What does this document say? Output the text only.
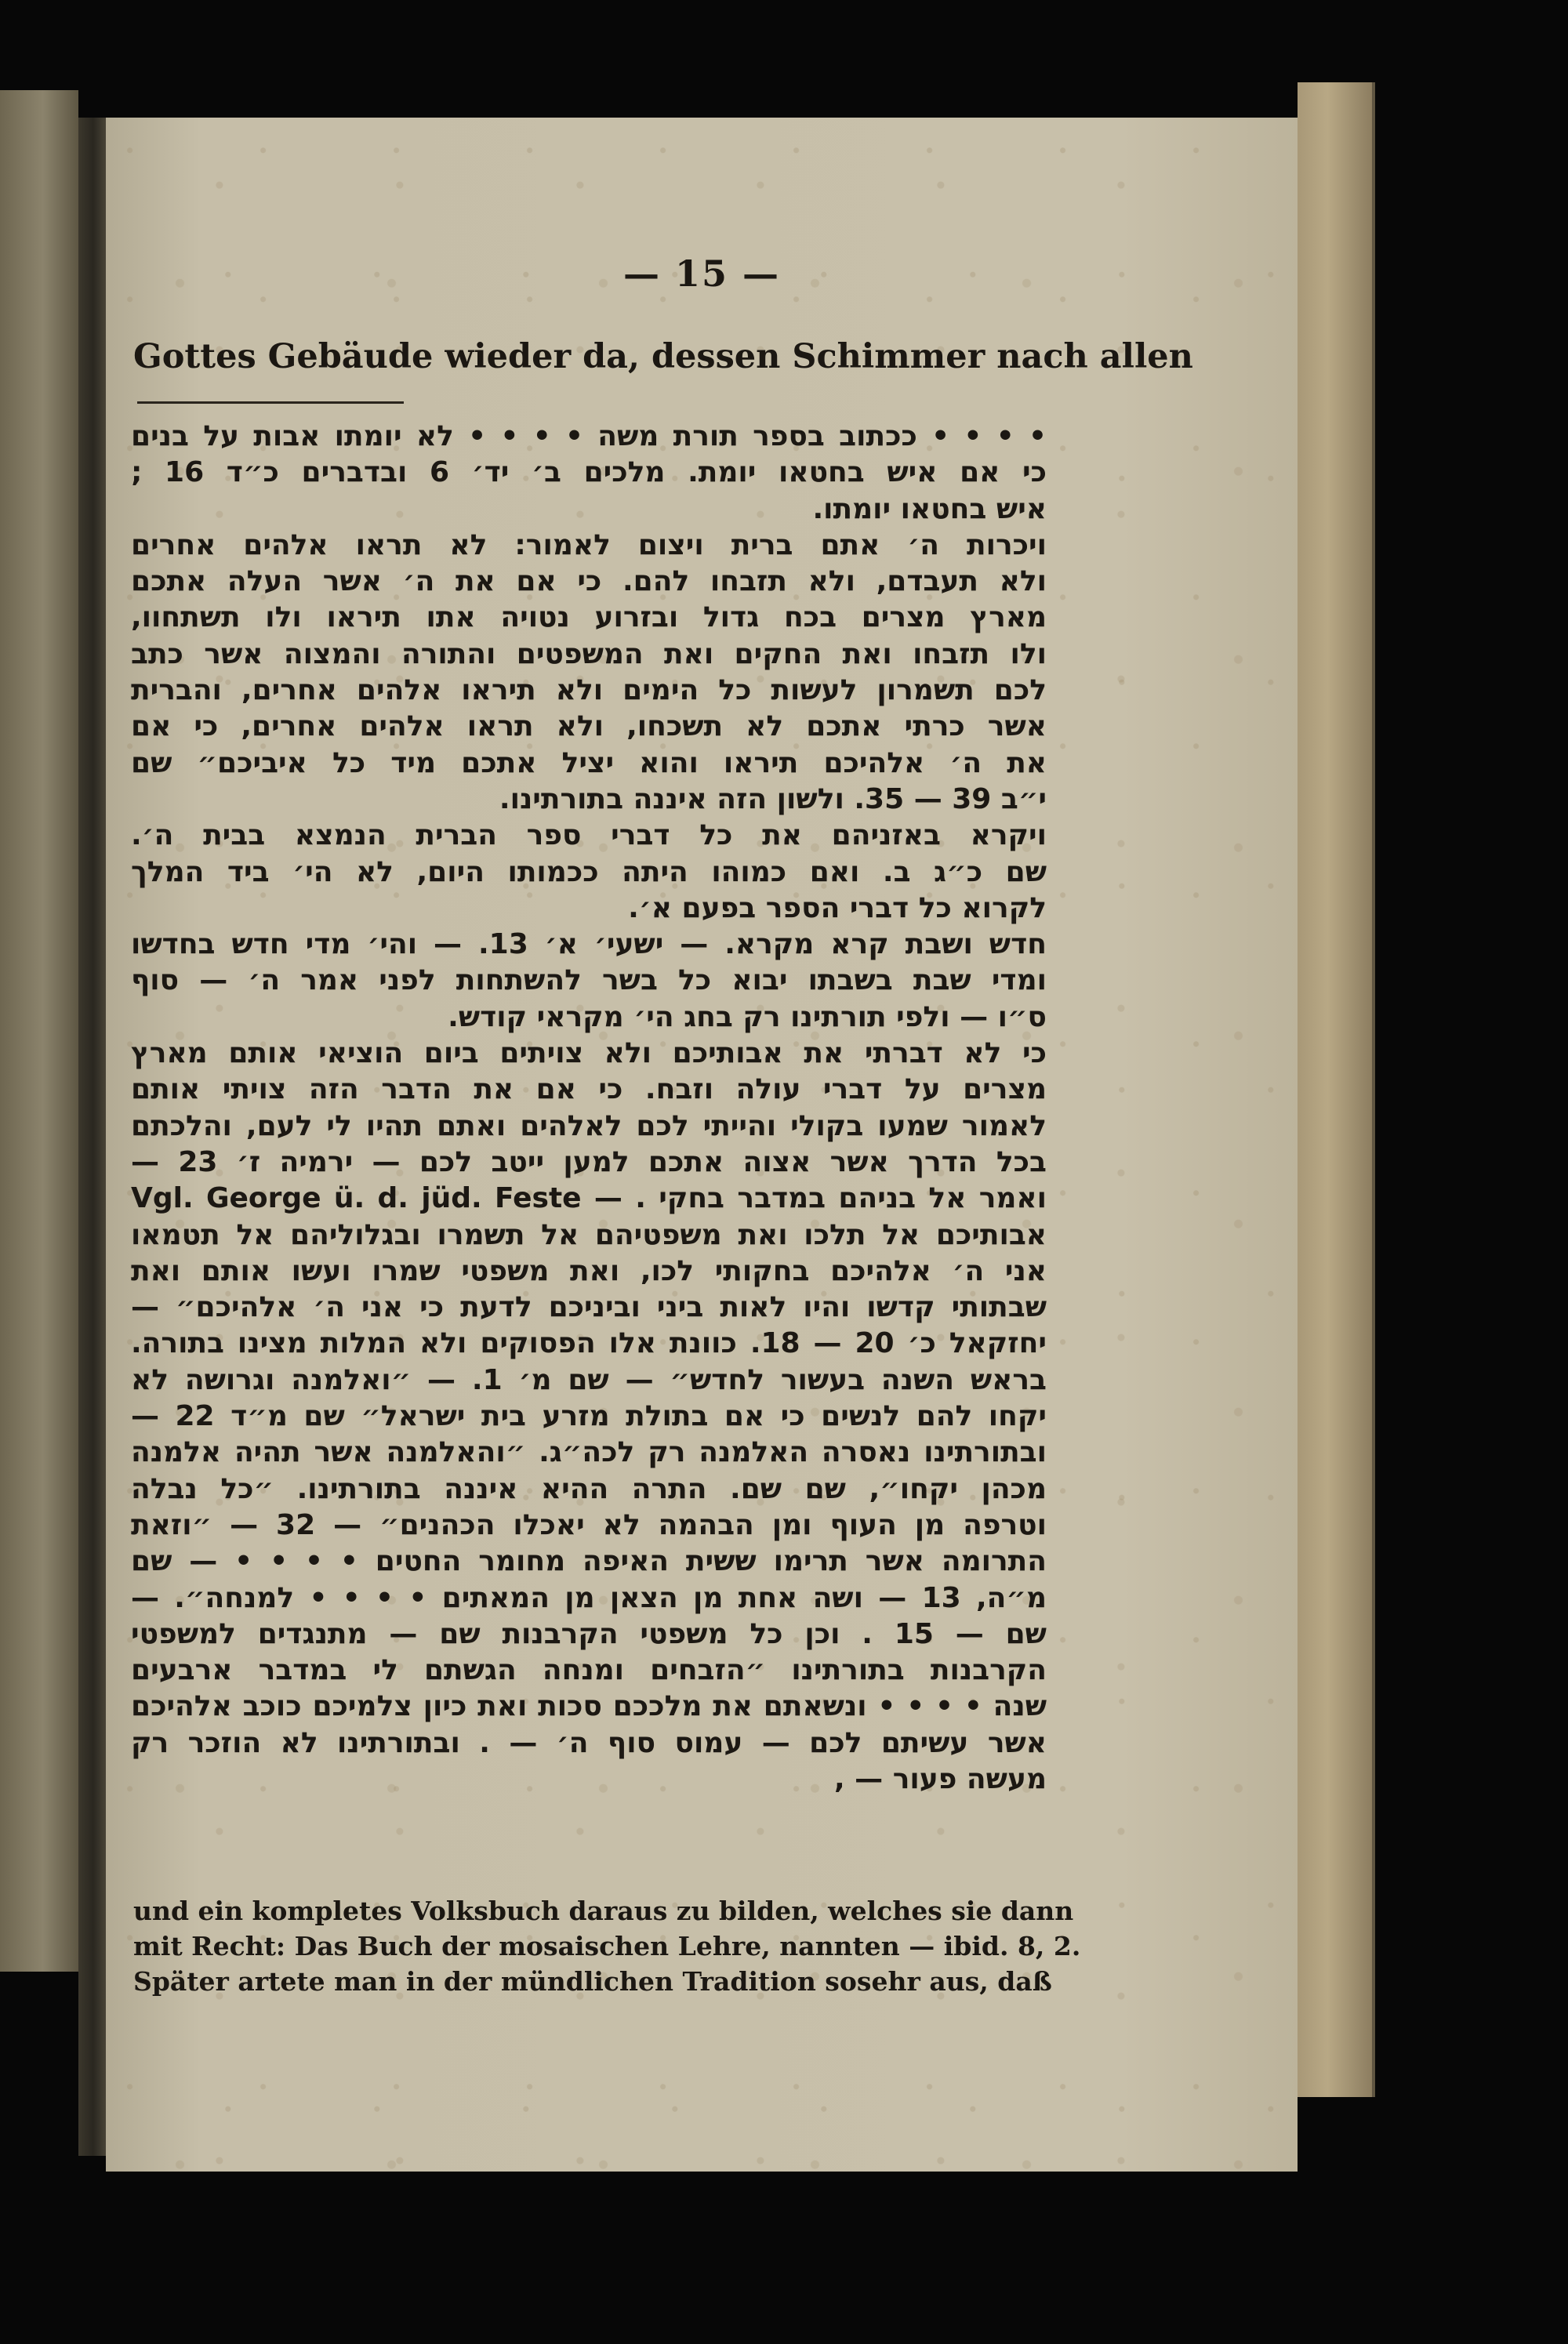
— 15 —
Gottes Gebäude wieder da, dessen Schimmer nach allen
• • • • ככתוב בספר תורת משה • • • • לא יומתו אבות על בנים
כי אם איש בחטאו יומת. מלכים ב׳ יד׳ 6 ובדברים כ״ד 16 ;
איש בחטאו יומתו.
ויכרות ה׳ אתם ברית ויצום לאמור: לא תראו אלהים אחרים
ולא תעבדם, ולא תזבחו להם. כי אם את ה׳ אשר העלה אתכם
מארץ מצרים בכח גדול ובזרוע נטויה אתו תיראו ולו תשתחוו,
ולו תזבחו ואת החקים ואת המשפטים והתורה והמצוה אשר כתב
לכם תשמרון לעשות כל הימים ולא תיראו אלהים אחרים, והברית
אשר כרתי אתכם לא תשכחו, ולא תראו אלהים אחרים, כי אם
את ה׳ אלהיכם תיראו והוא יציל אתכם מיד כל איביכם״ שם
י״ב 39 — 35. ולשון הזה איננה בתורתינו.
ויקרא באזניהם את כל דברי ספר הברית הנמצא בבית ה׳.
שם כ״ג ב. ואם כמוהו היתה ככמותו היום, לא הי׳ ביד המלך
לקרוא כל דברי הספר בפעם א׳.
חדש ושבת קרא מקרא. — ישעי׳ א׳ 13. — והי׳ מדי חדש בחדשו
ומדי שבת בשבתו יבוא כל בשר להשתחות לפני אמר ה׳ — סוף
ס״ו — ולפי תורתינו רק בחג הי׳ מקראי קודש.
כי לא דברתי את אבותיכם ולא צויתים ביום הוציאי אותם מארץ
מצרים על דברי עולה וזבח. כי אם את הדבר הזה צויתי אותם
לאמור שמעו בקולי והייתי לכם לאלהים ואתם תהיו לי לעם, והלכתם
בכל הדרך אשר אצוה אתכם למען ייטב לכם — ירמיה ז׳ 23 —
Vgl. George ü. d. jüd. Feste — . ואמר אל בניהם במדבר בחקי
אבותיכם אל תלכו ואת משפטיהם אל תשמרו ובגלוליהם אל תטמאו
אני ה׳ אלהיכם בחקותי לכו, ואת משפטי שמרו ועשו אותם ואת
שבתותי קדשו והיו לאות ביני וביניכם לדעת כי אני ה׳ אלהיכם״ —
יחזקאל כ׳ 20 — 18. כוונת אלו הפסוקים ולא המלות מצינו בתורה.
בראש השנה בעשור לחדש״ — שם מ׳ 1. — ״ואלמנה וגרושה לא
יקחו להם לנשים כי אם בתולת מזרע בית ישראל״ שם מ״ד 22 —
ובתורתינו נאסרה האלמנה רק לכה״ג. ״והאלמנה אשר תהיה אלמנה
מכהן יקחו״, שם שם. התרה ההיא איננה בתורתינו. ״כל נבלה
וטרפה מן העוף ומן הבהמה לא יאכלו הכהנים״ — 32 — ״וזאת
התרומה אשר תרימו ששית האיפה מחומר החטים • • • • — שם
מ״ה, 13 — ושה אחת מן הצאן מן המאתים • • • • למנחה״. —
שם — 15 . וכן כל משפטי הקרבנות שם — מתנגדים למשפטי
הקרבנות בתורתינו ״הזבחים ומנחה הגשתם לי במדבר ארבעים
שנה • • • • ונשאתם את מלככם סכות ואת כיון צלמיכם כוכב אלהיכם
אשר עשיתם לכם — עמוס סוף ה׳ — . ובתורתינו לא הוזכר רק
מעשה פעור — ,
und ein kompletes Volksbuch daraus zu bilden, welches sie dann
mit Recht: Das Buch der mosaischen Lehre, nannten — ibid. 8, 2.
Später artete man in der mündlichen Tradition sosehr aus, daß
